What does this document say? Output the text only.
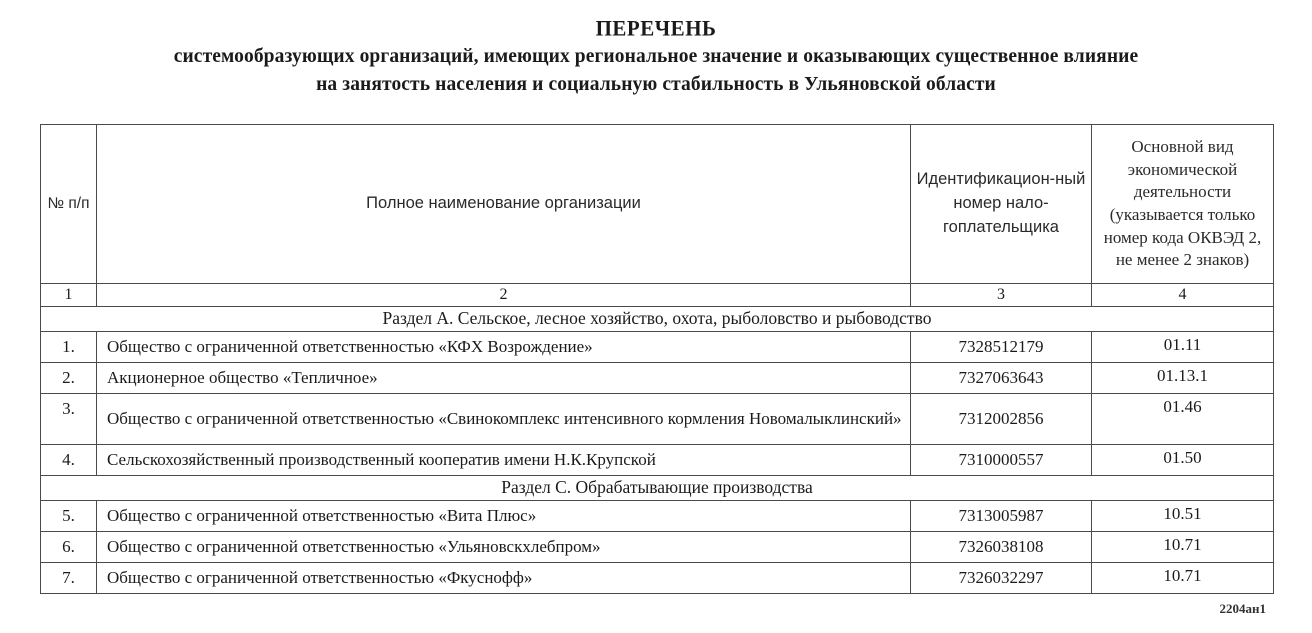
ПЕРЕЧЕНЬ
системообразующих организаций, имеющих региональное значение и оказывающих существенное влияние
на занятость населения и социальную стабильность в Ульяновской области
№ п/п	Полное наименование организации	Идентификацион-ный номер нало-гоплательщика	Основной вид экономической деятельности (указывается только номер кода ОКВЭД 2, не менее 2 знаков)
1	2	3	4
Раздел А. Сельское, лесное хозяйство, охота, рыболовство и рыбоводство			
1.	Общество с ограниченной ответственностью «КФХ Возрождение»	7328512179	01.11
2.	Акционерное общество «Тепличное»	7327063643	01.13.1
3.	Общество с ограниченной ответственностью «Свинокомплекс интенсивного кормления Новомалыклинский»	7312002856	01.46
4.	Сельскохозяйственный производственный кооператив имени Н.К.Крупской	7310000557	01.50
Раздел С. Обрабатывающие производства			
5.	Общество с ограниченной ответственностью «Вита Плюс»	7313005987	10.51
6.	Общество с ограниченной ответственностью «Ульяновскхлебпром»	7326038108	10.71
7.	Общество с ограниченной ответственностью «Фкуснофф»	7326032297	10.71
2204ан1
